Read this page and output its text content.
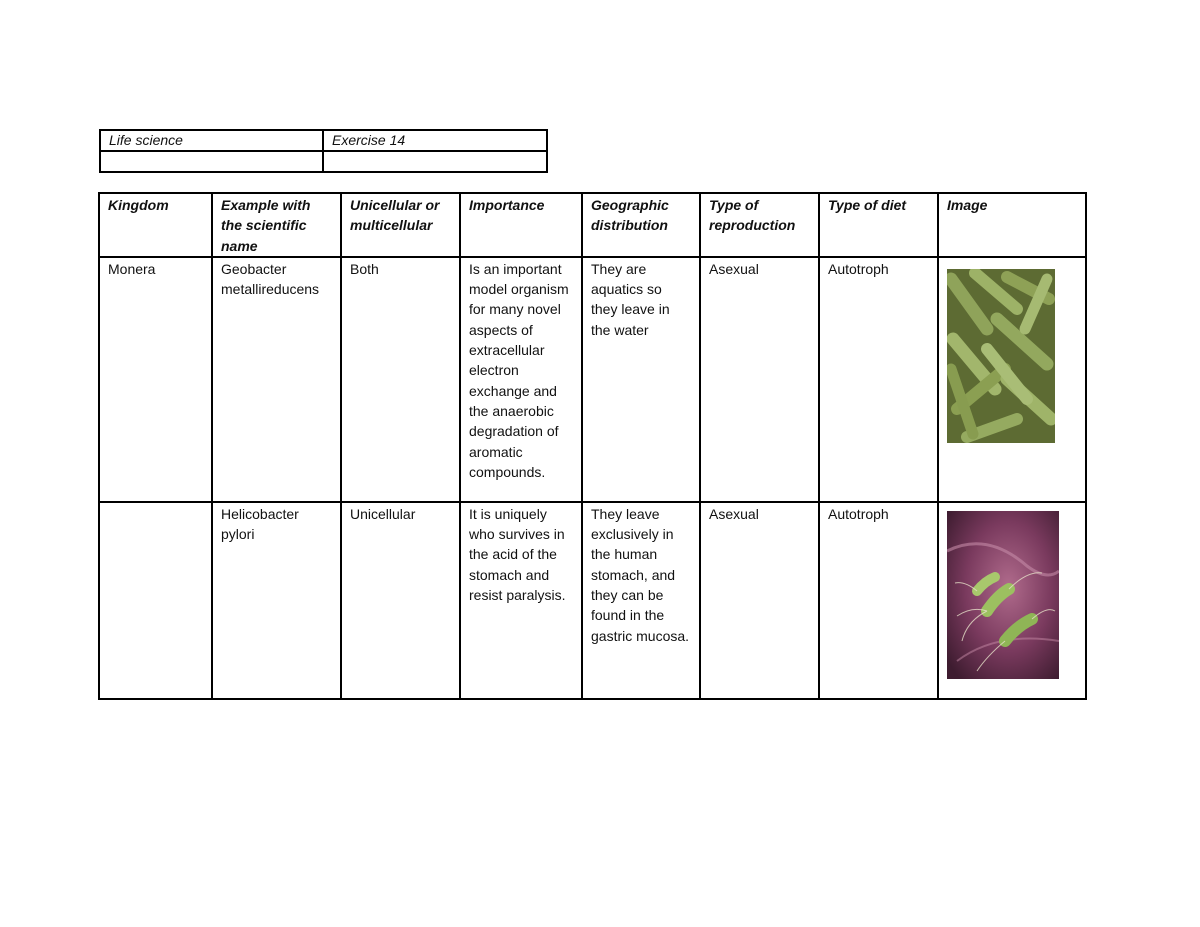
Life science	Exercise 14

Kingdom	Example with the scientific name	Unicellular or multicellular	Importance	Geographic distribution	Type of reproduction	Type of diet	Image
Monera	Geobacter metallireducens	Both	Is an important model organism for many novel aspects of extracellular electron exchange and the anaerobic degradation of aromatic compounds.	They are aquatics so they leave in the water	Asexual	Autotroph	

	Helicobacter pylori	Unicellular	It is uniquely who survives in the acid of the stomach and resist paralysis.	They leave exclusively in the human stomach, and they can be found in the gastric mucosa.	Asexual	Autotroph	
